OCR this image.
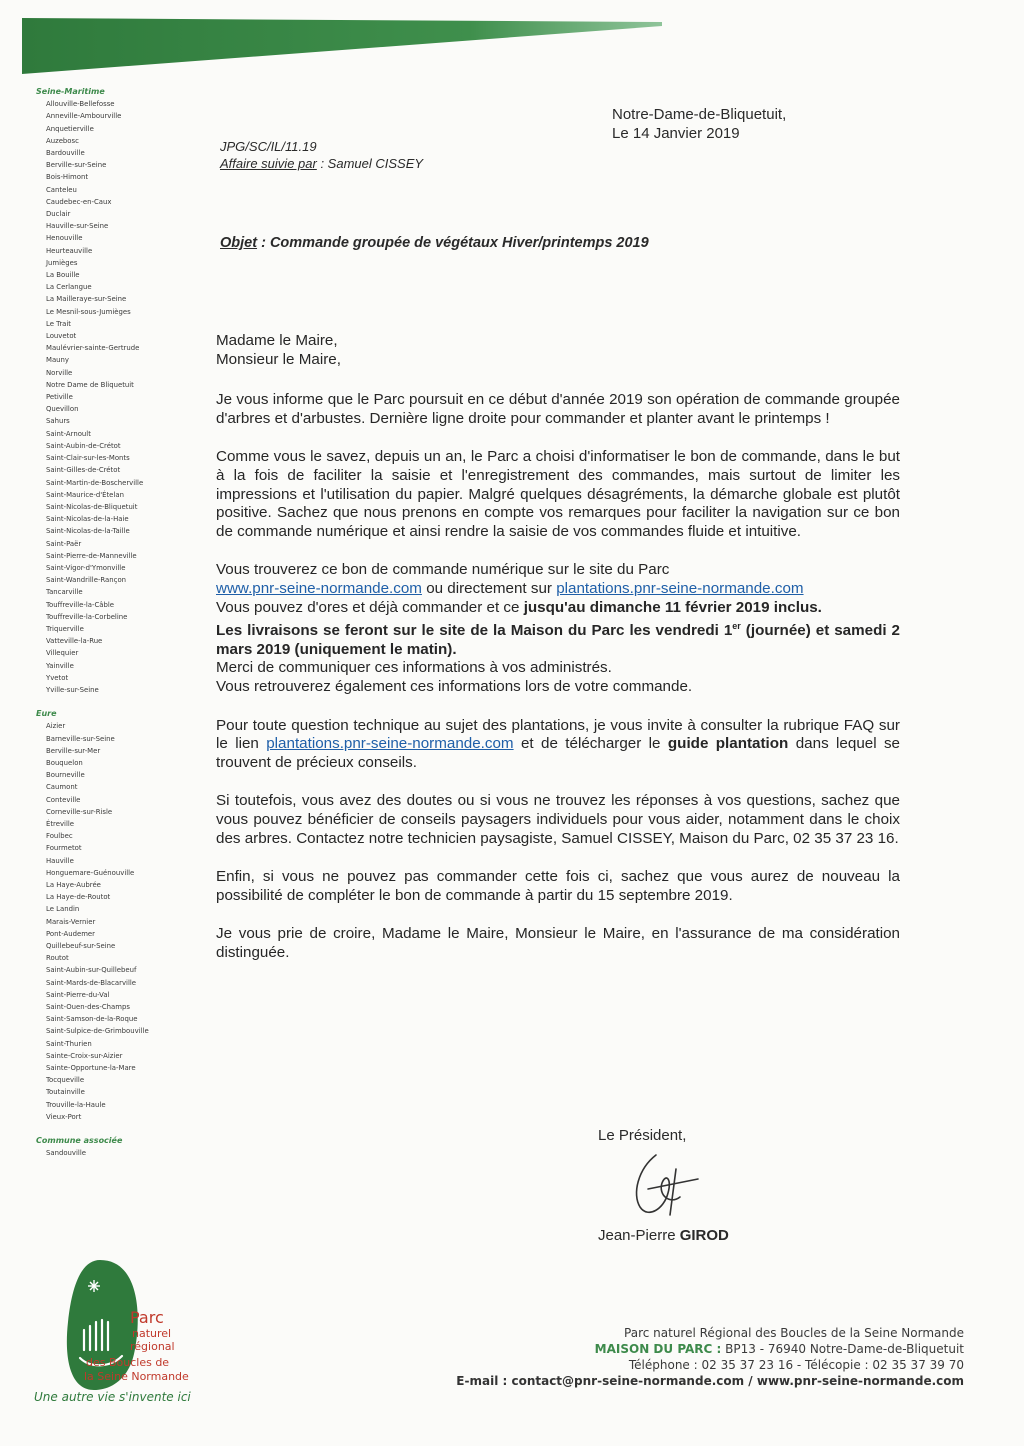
Seine-Maritime
Allouville-Bellefosse
Anneville-Ambourville
Anquetierville
Auzebosc
Bardouville
Berville-sur-Seine
Bois-Himont
Canteleu
Caudebec-en-Caux
Duclair
Hauville-sur-Seine
Henouville
Heurteauville
Jumièges
La Bouille
La Cerlangue
La Mailleraye-sur-Seine
Le Mesnil-sous-Jumièges
Le Trait
Louvetot
Maulévrier-sainte-Gertrude
Mauny
Norville
Notre Dame de Bliquetuit
Petiville
Quevillon
Sahurs
Saint-Arnoult
Saint-Aubin-de-Crétot
Saint-Clair-sur-les-Monts
Saint-Gilles-de-Crétot
Saint-Martin-de-Boscherville
Saint-Maurice-d'Ételan
Saint-Nicolas-de-Bliquetuit
Saint-Nicolas-de-la-Haie
Saint-Nicolas-de-la-Taille
Saint-Paër
Saint-Pierre-de-Manneville
Saint-Vigor-d'Ymonville
Saint-Wandrille-Rançon
Tancarville
Touffreville-la-Câble
Touffreville-la-Corbeline
Triquerville
Vatteville-la-Rue
Villequier
Yainville
Yvetot
Yville-sur-Seine
Eure
Aizier
Barneville-sur-Seine
Berville-sur-Mer
Bouquelon
Bourneville
Caumont
Conteville
Corneville-sur-Risle
Étreville
Foulbec
Fourmetot
Hauville
Honguemare-Guénouville
La Haye-Aubrée
La Haye-de-Routot
Le Landin
Marais-Vernier
Pont-Audemer
Quillebeuf-sur-Seine
Routot
Saint-Aubin-sur-Quillebeuf
Saint-Mards-de-Blacarville
Saint-Pierre-du-Val
Saint-Ouen-des-Champs
Saint-Samson-de-la-Roque
Saint-Sulpice-de-Grimbouville
Saint-Thurien
Sainte-Croix-sur-Aizier
Sainte-Opportune-la-Mare
Tocqueville
Toutainville
Trouville-la-Haule
Vieux-Port
Commune associée
Sandouville
Notre-Dame-de-Bliquetuit,
Le 14 Janvier 2019
JPG/SC/IL/11.19
Affaire suivie par : Samuel CISSEY
Objet : Commande groupée de végétaux Hiver/printemps 2019

Madame le Maire,
Monsieur le Maire,

Je vous informe que le Parc poursuit en ce début d'année 2019 son opération de commande groupée d'arbres et d'arbustes. Dernière ligne droite pour commander et planter avant le printemps !

Comme vous le savez, depuis un an, le Parc a choisi d'informatiser le bon de commande, dans le but à la fois de faciliter la saisie et l'enregistrement des commandes, mais surtout de limiter les impressions et l'utilisation du papier. Malgré quelques désagréments, la démarche globale est plutôt positive. Sachez que nous prenons en compte vos remarques pour faciliter la navigation sur ce bon de commande numérique et ainsi rendre la saisie de vos commandes fluide et intuitive.

Vous trouverez ce bon de commande numérique sur le site du Parc
www.pnr-seine-normande.com ou directement sur plantations.pnr-seine-normande.com
Vous pouvez d'ores et déjà commander et ce jusqu'au dimanche 11 février 2019 inclus.
Les livraisons se feront sur le site de la Maison du Parc les vendredi 1er (journée) et samedi 2 mars 2019 (uniquement le matin).
Merci de communiquer ces informations à vos administrés.
Vous retrouverez également ces informations lors de votre commande.

Pour toute question technique au sujet des plantations, je vous invite à consulter la rubrique FAQ sur le lien plantations.pnr-seine-normande.com et de télécharger le guide plantation dans lequel se trouvent de précieux conseils.

Si toutefois, vous avez des doutes ou si vous ne trouvez les réponses à vos questions, sachez que vous pouvez bénéficier de conseils paysagers individuels pour vous aider, notamment dans le choix des arbres. Contactez notre technicien paysagiste, Samuel CISSEY, Maison du Parc, 02 35 37 23 16.

Enfin, si vous ne pouvez pas commander cette fois ci, sachez que vous aurez de nouveau la possibilité de compléter le bon de commande à partir du 15 septembre 2019.

Je vous prie de croire, Madame le Maire, Monsieur le Maire, en l'assurance de ma considération distinguée.

Le Président,
Jean-Pierre GIROD
Parc
naturel
régional
des Boucles de
la Seine Normande
Une autre vie s'invente ici
Parc naturel Régional des Boucles de la Seine Normande
MAISON DU PARC : BP13 - 76940 Notre-Dame-de-Bliquetuit
Téléphone : 02 35 37 23 16 - Télécopie : 02 35 37 39 70
E-mail : contact@pnr-seine-normande.com / www.pnr-seine-normande.com
